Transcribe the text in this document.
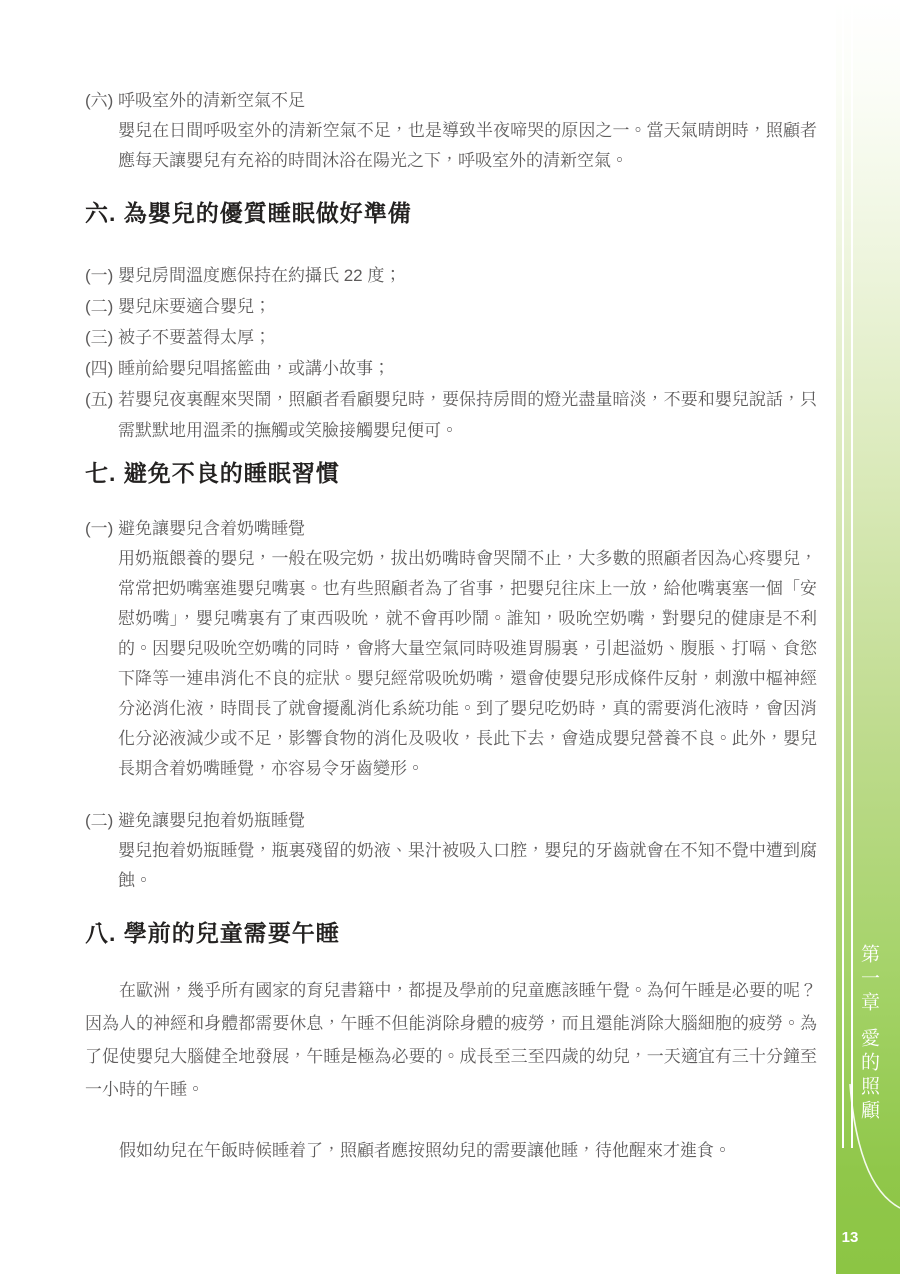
(六) 呼吸室外的清新空氣不足

嬰兒在日間呼吸室外的清新空氣不足，也是導致半夜啼哭的原因之一。當天氣晴朗時，照顧者應每天讓嬰兒有充裕的時間沐浴在陽光之下，呼吸室外的清新空氣。

六. 為嬰兒的優質睡眠做好準備
(一) 嬰兒房間溫度應保持在約攝氏 22 度；
(二) 嬰兒床要適合嬰兒；
(三) 被子不要蓋得太厚；
(四) 睡前給嬰兒唱搖籃曲，或講小故事；
(五) 若嬰兒夜裏醒來哭鬧，照顧者看顧嬰兒時，要保持房間的燈光盡量暗淡，不要和嬰兒說話，只需默默地用溫柔的撫觸或笑臉接觸嬰兒便可。
七. 避免不良的睡眠習慣
(一) 避免讓嬰兒含着奶嘴睡覺

用奶瓶餵養的嬰兒，一般在吸完奶，拔出奶嘴時會哭鬧不止，大多數的照顧者因為心疼嬰兒，常常把奶嘴塞進嬰兒嘴裏。也有些照顧者為了省事，把嬰兒往床上一放，給他嘴裏塞一個「安慰奶嘴」，嬰兒嘴裏有了東西吸吮，就不會再吵鬧。誰知，吸吮空奶嘴，對嬰兒的健康是不利的。因嬰兒吸吮空奶嘴的同時，會將大量空氣同時吸進胃腸裏，引起溢奶、腹脹、打嗝、食慾下降等一連串消化不良的症狀。嬰兒經常吸吮奶嘴，還會使嬰兒形成條件反射，刺激中樞神經分泌消化液，時間長了就會擾亂消化系統功能。到了嬰兒吃奶時，真的需要消化液時，會因消化分泌液減少或不足，影響食物的消化及吸收，長此下去，會造成嬰兒營養不良。此外，嬰兒長期含着奶嘴睡覺，亦容易令牙齒變形。

(二) 避免讓嬰兒抱着奶瓶睡覺

嬰兒抱着奶瓶睡覺，瓶裏殘留的奶液、果汁被吸入口腔，嬰兒的牙齒就會在不知不覺中遭到腐蝕。

八. 學前的兒童需要午睡

在歐洲，幾乎所有國家的育兒書籍中，都提及學前的兒童應該睡午覺。為何午睡是必要的呢？因為人的神經和身體都需要休息，午睡不但能消除身體的疲勞，而且還能消除大腦細胞的疲勞。為了促使嬰兒大腦健全地發展，午睡是極為必要的。成長至三至四歲的幼兒，一天適宜有三十分鐘至一小時的午睡。

假如幼兒在午飯時候睡着了，照顧者應按照幼兒的需要讓他睡，待他醒來才進食。

第一章愛的照顧
13
